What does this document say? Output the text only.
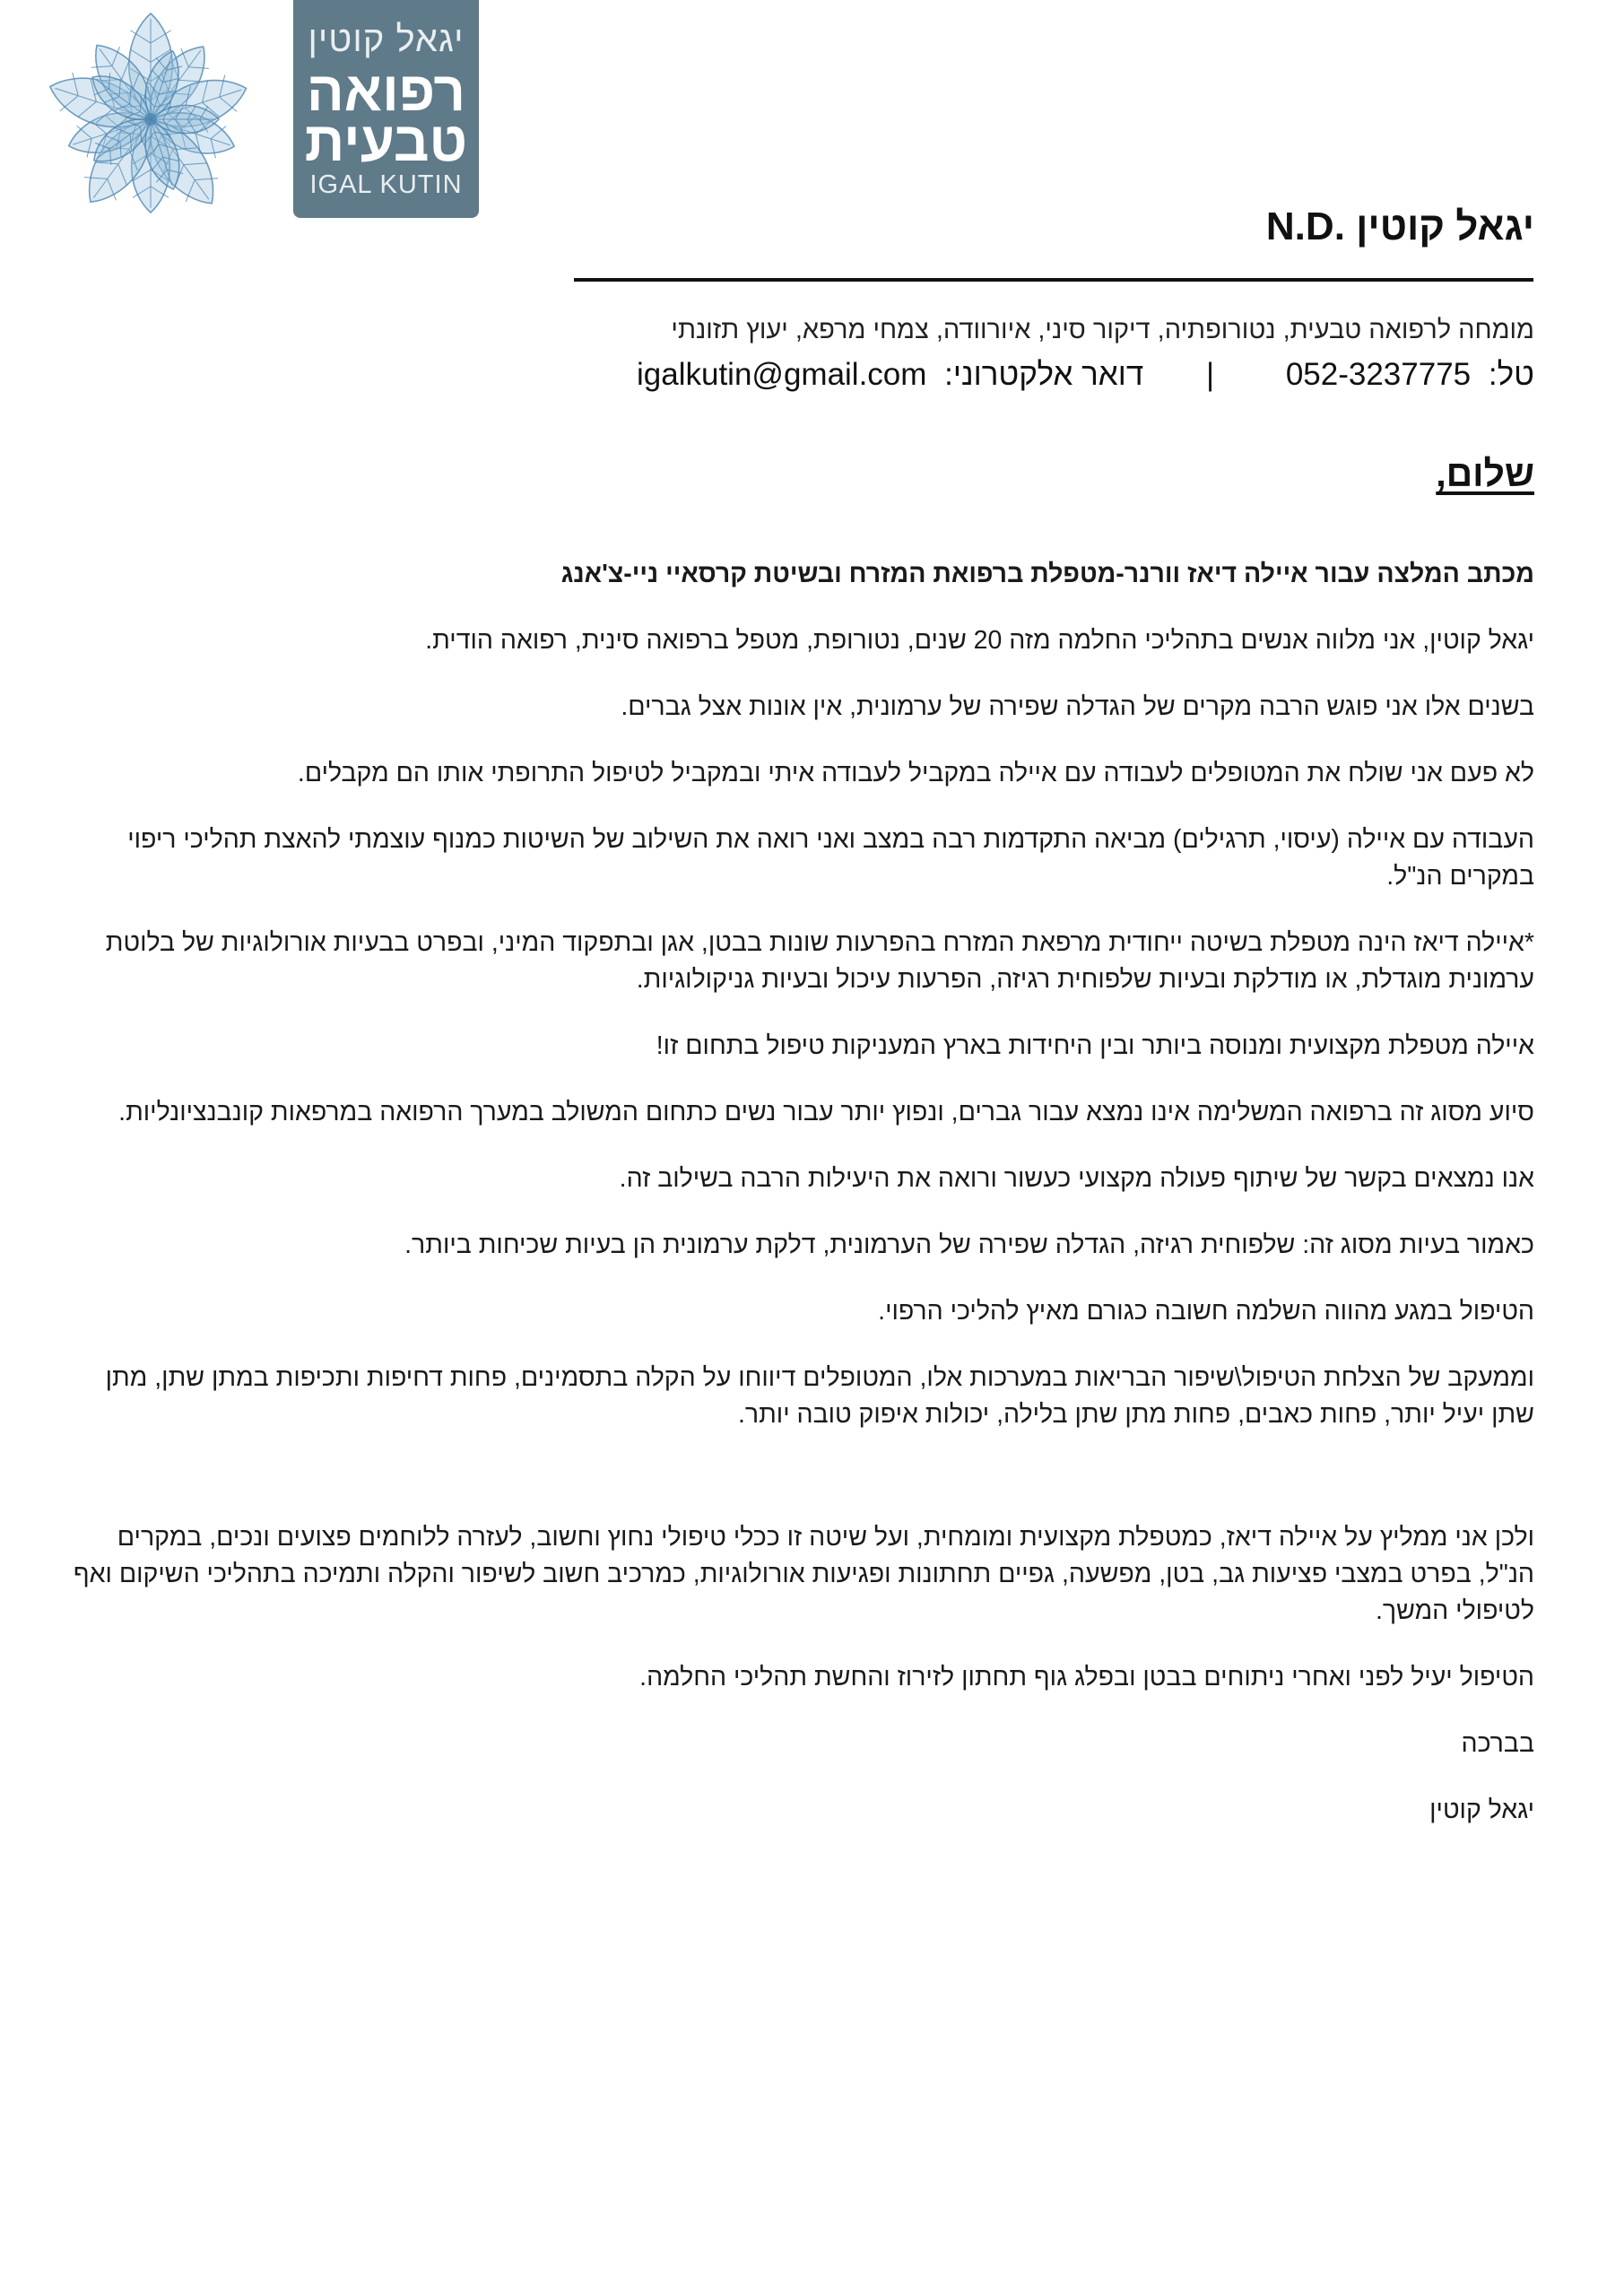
יגאל קוטין
רפואה
טבעית
IGAL KUTIN
יגאל קוטין .N.D
מומחה לרפואה טבעית, נטורופתיה, דיקור סיני, איורוודה, צמחי מרפא, יעוץ תזונתי
טל: 052-3237775 | דואר אלקטרוני: igalkutin@gmail.com
שלום,

מכתב המלצה עבור איילה דיאז וורנר-מטפלת ברפואת המזרח ובשיטת קרסאיי ניי-צ'אנג

יגאל קוטין, אני מלווה אנשים בתהליכי החלמה מזה 20 שנים, נטורופת, מטפל ברפואה סינית, רפואה הודית.

בשנים אלו אני פוגש הרבה מקרים של הגדלה שפירה של ערמונית, אין אונות אצל גברים.

לא פעם אני שולח את המטופלים לעבודה עם איילה במקביל לעבודה איתי ובמקביל לטיפול התרופתי אותו הם מקבלים.

העבודה עם איילה (עיסוי, תרגילים) מביאה התקדמות רבה במצב ואני רואה את השילוב של השיטות כמנוף עוצמתי להאצת תהליכי ריפוי במקרים הנ"ל.

*איילה דיאז הינה מטפלת בשיטה ייחודית מרפאת המזרח בהפרעות שונות בבטן, אגן ובתפקוד המיני, ובפרט בבעיות אורולוגיות של בלוטת ערמונית מוגדלת, או מודלקת ובעיות שלפוחית רגיזה, הפרעות עיכול ובעיות גניקולוגיות.

איילה מטפלת מקצועית ומנוסה ביותר ובין היחידות בארץ המעניקות טיפול בתחום זו!

סיוע מסוג זה ברפואה המשלימה אינו נמצא עבור גברים, ונפוץ יותר עבור נשים כתחום המשולב במערך הרפואה במרפאות קונבנציונליות.

אנו נמצאים בקשר של שיתוף פעולה מקצועי כעשור ורואה את היעילות הרבה בשילוב זה.

כאמור בעיות מסוג זה: שלפוחית רגיזה, הגדלה שפירה של הערמונית, דלקת ערמונית הן בעיות שכיחות ביותר.

הטיפול במגע מהווה השלמה חשובה כגורם מאיץ להליכי הרפוי.

וממעקב של הצלחת הטיפול\שיפור הבריאות במערכות אלו, המטופלים דיווחו על הקלה בתסמינים, פחות דחיפות ותכיפות במתן שתן, מתן שתן יעיל יותר, פחות כאבים, פחות מתן שתן בלילה, יכולות איפוק טובה יותר.

ולכן אני ממליץ על איילה דיאז, כמטפלת מקצועית ומומחית, ועל שיטה זו ככלי טיפולי נחוץ וחשוב, לעזרה ללוחמים פצועים ונכים, במקרים הנ"ל, בפרט במצבי פציעות גב, בטן, מפשעה, גפיים תחתונות ופגיעות אורולוגיות, כמרכיב חשוב לשיפור והקלה ותמיכה בתהליכי השיקום ואף לטיפולי המשך.

הטיפול יעיל לפני ואחרי ניתוחים בבטן ובפלג גוף תחתון לזירוז והחשת תהליכי החלמה.

בברכה

יגאל קוטין
